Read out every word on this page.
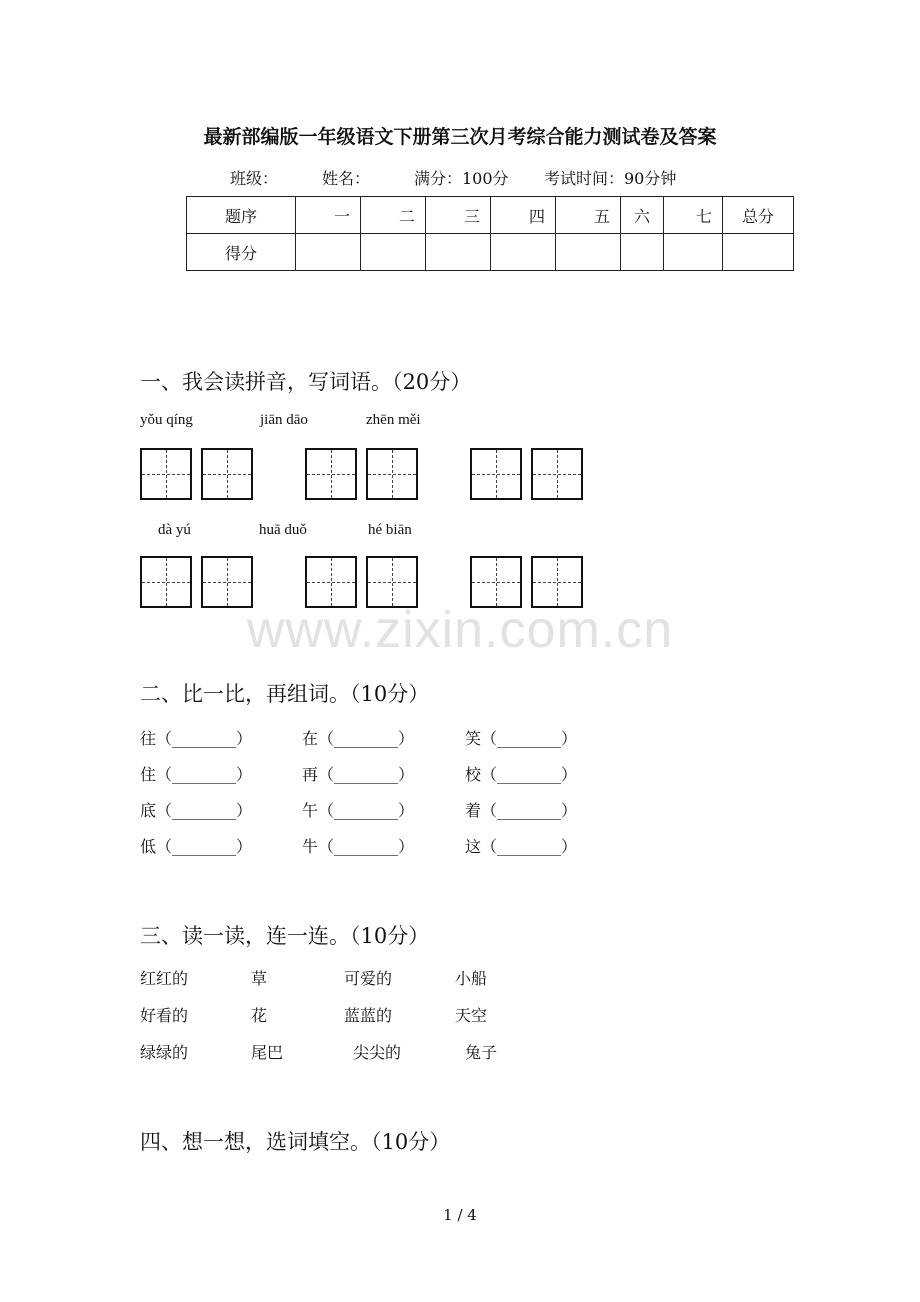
最新部编版一年级语文下册第三次月考综合能力测试卷及答案
班级：	姓名：	满分：100分 考试时间：90分钟
题序	一	二	三	四	五	六	七	总分
得分								
一、我会读拼音，写词语。（20分）
yǒu qíng	jiān dāo	zhēn měi
dà yú	huā duǒ	hé biān
www.zixin.com.cn
二、比一比，再组词。（10分）
往（________）	在（________）	笑（________）
住（________）	再（________）	校（________）
底（________）	午（________）	着（________）
低（________）	牛（________）	这（________）
三、读一读，连一连。（10分）
红红的	草	可爱的	小船
好看的	花	蓝蓝的	天空
绿绿的	尾巴	尖尖的	兔子
四、想一想，选词填空。（10分）
1 / 4
